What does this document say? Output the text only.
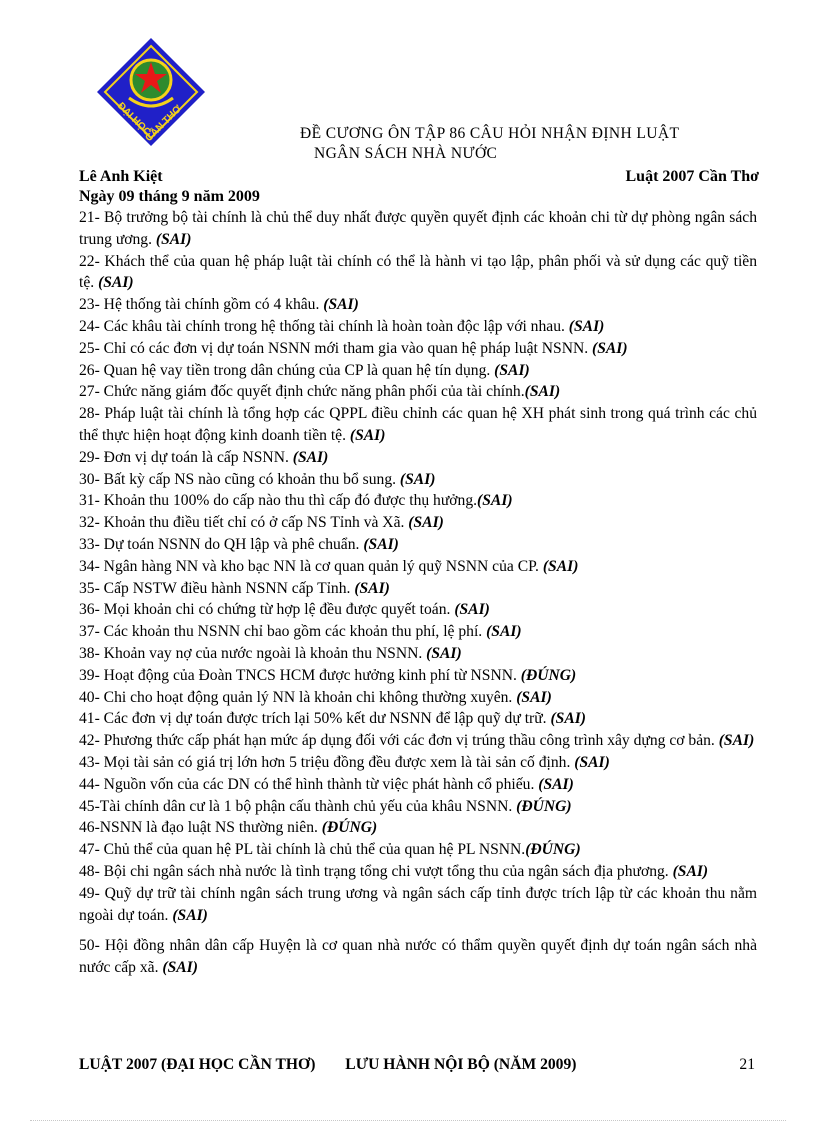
ĐẠI HỌC CẦN THƠ
ĐỀ CƯƠNG ÔN TẬP 86 CÂU HỎI NHẬN ĐỊNH LUẬT
NGÂN SÁCH NHÀ NƯỚC
Lê Anh Kiệt	Luật 2007 Cần Thơ
Ngày 09 tháng 9 năm 2009

21- Bộ trưởng bộ tài chính là chủ thể duy nhất được quyền quyết định các khoản chi từ dự phòng ngân sách trung ương. (SAI)

22- Khách thể của quan hệ pháp luật tài chính có thể là hành vi tạo lập, phân phối và sử dụng các quỹ tiền tệ. (SAI)

23- Hệ thống tài chính gồm có 4 khâu. (SAI)

24- Các khâu tài chính trong hệ thống tài chính là hoàn toàn độc lập với nhau. (SAI)

25- Chỉ có các đơn vị dự toán NSNN mới tham gia vào quan hệ pháp luật NSNN. (SAI)

26- Quan hệ vay tiền trong dân chúng của CP là quan hệ tín dụng. (SAI)

27- Chức năng giám đốc quyết định chức năng phân phối của tài chính.(SAI)

28- Pháp luật tài chính là tổng hợp các QPPL điều chỉnh các quan hệ XH phát sinh trong quá trình các chủ thể thực hiện hoạt động kinh doanh tiền tệ. (SAI)

29- Đơn vị dự toán là cấp NSNN. (SAI)

30- Bất kỳ cấp NS nào cũng có khoản thu bổ sung. (SAI)

31- Khoản thu 100% do cấp nào thu thì cấp đó được thụ hưởng.(SAI)

32- Khoản thu điều tiết chỉ có ở cấp NS Tỉnh và Xã. (SAI)

33- Dự toán NSNN do QH lập và phê chuẩn. (SAI)

34- Ngân hàng NN và kho bạc NN là cơ quan quản lý quỹ NSNN của CP. (SAI)

35- Cấp NSTW điều hành NSNN cấp Tỉnh. (SAI)

36- Mọi khoản chi có chứng từ hợp lệ đều được quyết toán. (SAI)

37- Các khoản thu NSNN chỉ bao gồm các khoản thu phí, lệ phí. (SAI)

38- Khoản vay nợ của nước ngoài là khoản thu NSNN. (SAI)

39- Hoạt động của Đoàn TNCS HCM được hưởng kinh phí từ NSNN. (ĐÚNG)

40- Chi cho hoạt động quản lý NN là khoản chi không thường xuyên. (SAI)

41- Các đơn vị dự toán được trích lại 50% kết dư NSNN để lập quỹ dự trữ. (SAI)

42- Phương thức cấp phát hạn mức áp dụng đối với các đơn vị trúng thầu công trình xây dựng cơ bản. (SAI)

43- Mọi tài sản có giá trị lớn hơn 5 triệu đồng đều được xem là tài sản cố định. (SAI)

44- Nguồn vốn của các DN có thể hình thành từ việc phát hành cổ phiếu. (SAI)

45-Tài chính dân cư là 1 bộ phận cấu thành chủ yếu của khâu NSNN. (ĐÚNG)

46-NSNN là đạo luật NS thường niên. (ĐÚNG)

47- Chủ thể của quan hệ PL tài chính là chủ thể của quan hệ PL NSNN.(ĐÚNG)

48- Bội chi ngân sách nhà nước là tình trạng tổng chi vượt tổng thu của ngân sách địa phương. (SAI)

49- Quỹ dự trữ tài chính ngân sách trung ương và ngân sách cấp tỉnh được trích lập từ các khoản thu nằm ngoài dự toán. (SAI)

50- Hội đồng nhân dân cấp Huyện là cơ quan nhà nước có thẩm quyền quyết định dự toán ngân sách nhà nước cấp xã. (SAI)

LUẬT 2007 (ĐẠI HỌC CẦN THƠ) LƯU HÀNH NỘI BỘ (NĂM 2009)	21
